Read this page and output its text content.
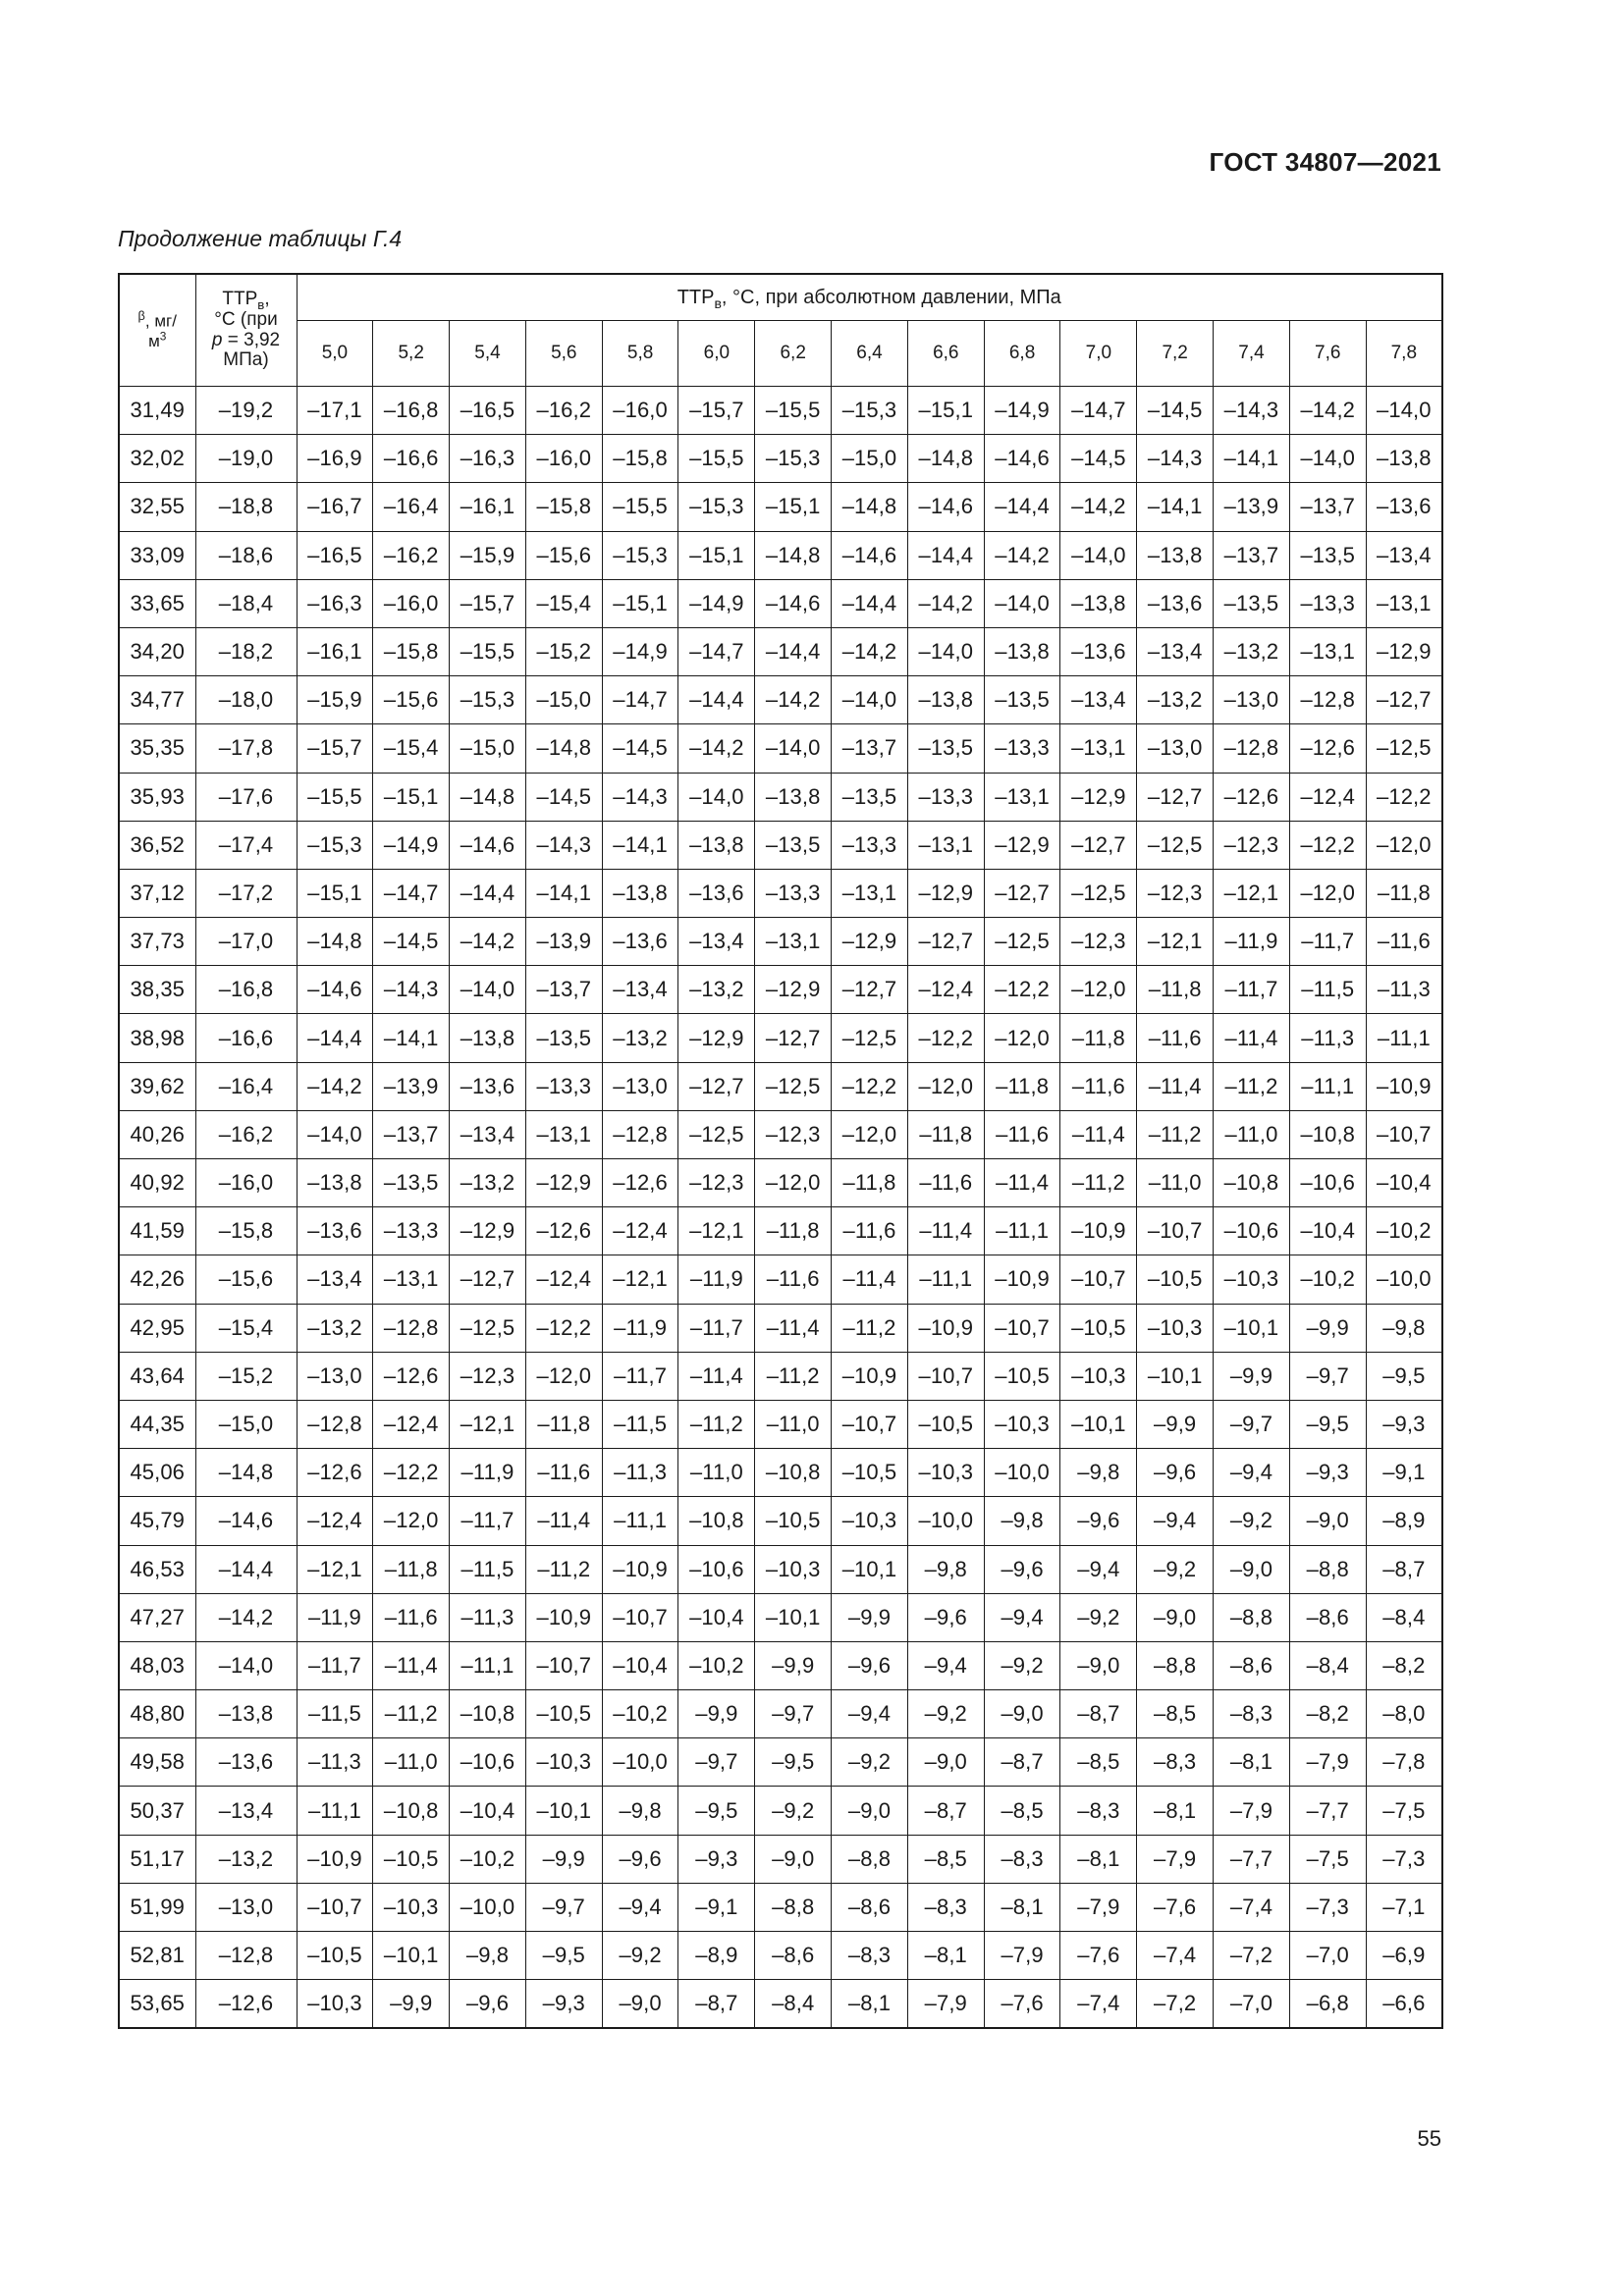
ГОСТ 34807—2021
Продолжение таблицы Г.4
$^\beta$, мг/
$м^3$	$ТТР_в$,
°С (при
р = 3,92
МПа)	$ТТР_в$, °С, при абсолютном давлении, МПа														
		5,0	5,2	5,4	5,6	5,8	6,0	6,2	6,4	6,6	6,8	7,0	7,2	7,4	7,6	7,8
31,49	–19,2	–17,1	–16,8	–16,5	–16,2	–16,0	–15,7	–15,5	–15,3	–15,1	–14,9	–14,7	–14,5	–14,3	–14,2	–14,0
32,02	–19,0	–16,9	–16,6	–16,3	–16,0	–15,8	–15,5	–15,3	–15,0	–14,8	–14,6	–14,5	–14,3	–14,1	–14,0	–13,8
32,55	–18,8	–16,7	–16,4	–16,1	–15,8	–15,5	–15,3	–15,1	–14,8	–14,6	–14,4	–14,2	–14,1	–13,9	–13,7	–13,6
33,09	–18,6	–16,5	–16,2	–15,9	–15,6	–15,3	–15,1	–14,8	–14,6	–14,4	–14,2	–14,0	–13,8	–13,7	–13,5	–13,4
33,65	–18,4	–16,3	–16,0	–15,7	–15,4	–15,1	–14,9	–14,6	–14,4	–14,2	–14,0	–13,8	–13,6	–13,5	–13,3	–13,1
34,20	–18,2	–16,1	–15,8	–15,5	–15,2	–14,9	–14,7	–14,4	–14,2	–14,0	–13,8	–13,6	–13,4	–13,2	–13,1	–12,9
34,77	–18,0	–15,9	–15,6	–15,3	–15,0	–14,7	–14,4	–14,2	–14,0	–13,8	–13,5	–13,4	–13,2	–13,0	–12,8	–12,7
35,35	–17,8	–15,7	–15,4	–15,0	–14,8	–14,5	–14,2	–14,0	–13,7	–13,5	–13,3	–13,1	–13,0	–12,8	–12,6	–12,5
35,93	–17,6	–15,5	–15,1	–14,8	–14,5	–14,3	–14,0	–13,8	–13,5	–13,3	–13,1	–12,9	–12,7	–12,6	–12,4	–12,2
36,52	–17,4	–15,3	–14,9	–14,6	–14,3	–14,1	–13,8	–13,5	–13,3	–13,1	–12,9	–12,7	–12,5	–12,3	–12,2	–12,0
37,12	–17,2	–15,1	–14,7	–14,4	–14,1	–13,8	–13,6	–13,3	–13,1	–12,9	–12,7	–12,5	–12,3	–12,1	–12,0	–11,8
37,73	–17,0	–14,8	–14,5	–14,2	–13,9	–13,6	–13,4	–13,1	–12,9	–12,7	–12,5	–12,3	–12,1	–11,9	–11,7	–11,6
38,35	–16,8	–14,6	–14,3	–14,0	–13,7	–13,4	–13,2	–12,9	–12,7	–12,4	–12,2	–12,0	–11,8	–11,7	–11,5	–11,3
38,98	–16,6	–14,4	–14,1	–13,8	–13,5	–13,2	–12,9	–12,7	–12,5	–12,2	–12,0	–11,8	–11,6	–11,4	–11,3	–11,1
39,62	–16,4	–14,2	–13,9	–13,6	–13,3	–13,0	–12,7	–12,5	–12,2	–12,0	–11,8	–11,6	–11,4	–11,2	–11,1	–10,9
40,26	–16,2	–14,0	–13,7	–13,4	–13,1	–12,8	–12,5	–12,3	–12,0	–11,8	–11,6	–11,4	–11,2	–11,0	–10,8	–10,7
40,92	–16,0	–13,8	–13,5	–13,2	–12,9	–12,6	–12,3	–12,0	–11,8	–11,6	–11,4	–11,2	–11,0	–10,8	–10,6	–10,4
41,59	–15,8	–13,6	–13,3	–12,9	–12,6	–12,4	–12,1	–11,8	–11,6	–11,4	–11,1	–10,9	–10,7	–10,6	–10,4	–10,2
42,26	–15,6	–13,4	–13,1	–12,7	–12,4	–12,1	–11,9	–11,6	–11,4	–11,1	–10,9	–10,7	–10,5	–10,3	–10,2	–10,0
42,95	–15,4	–13,2	–12,8	–12,5	–12,2	–11,9	–11,7	–11,4	–11,2	–10,9	–10,7	–10,5	–10,3	–10,1	–9,9	–9,8
43,64	–15,2	–13,0	–12,6	–12,3	–12,0	–11,7	–11,4	–11,2	–10,9	–10,7	–10,5	–10,3	–10,1	–9,9	–9,7	–9,5
44,35	–15,0	–12,8	–12,4	–12,1	–11,8	–11,5	–11,2	–11,0	–10,7	–10,5	–10,3	–10,1	–9,9	–9,7	–9,5	–9,3
45,06	–14,8	–12,6	–12,2	–11,9	–11,6	–11,3	–11,0	–10,8	–10,5	–10,3	–10,0	–9,8	–9,6	–9,4	–9,3	–9,1
45,79	–14,6	–12,4	–12,0	–11,7	–11,4	–11,1	–10,8	–10,5	–10,3	–10,0	–9,8	–9,6	–9,4	–9,2	–9,0	–8,9
46,53	–14,4	–12,1	–11,8	–11,5	–11,2	–10,9	–10,6	–10,3	–10,1	–9,8	–9,6	–9,4	–9,2	–9,0	–8,8	–8,7
47,27	–14,2	–11,9	–11,6	–11,3	–10,9	–10,7	–10,4	–10,1	–9,9	–9,6	–9,4	–9,2	–9,0	–8,8	–8,6	–8,4
48,03	–14,0	–11,7	–11,4	–11,1	–10,7	–10,4	–10,2	–9,9	–9,6	–9,4	–9,2	–9,0	–8,8	–8,6	–8,4	–8,2
48,80	–13,8	–11,5	–11,2	–10,8	–10,5	–10,2	–9,9	–9,7	–9,4	–9,2	–9,0	–8,7	–8,5	–8,3	–8,2	–8,0
49,58	–13,6	–11,3	–11,0	–10,6	–10,3	–10,0	–9,7	–9,5	–9,2	–9,0	–8,7	–8,5	–8,3	–8,1	–7,9	–7,8
50,37	–13,4	–11,1	–10,8	–10,4	–10,1	–9,8	–9,5	–9,2	–9,0	–8,7	–8,5	–8,3	–8,1	–7,9	–7,7	–7,5
51,17	–13,2	–10,9	–10,5	–10,2	–9,9	–9,6	–9,3	–9,0	–8,8	–8,5	–8,3	–8,1	–7,9	–7,7	–7,5	–7,3
51,99	–13,0	–10,7	–10,3	–10,0	–9,7	–9,4	–9,1	–8,8	–8,6	–8,3	–8,1	–7,9	–7,6	–7,4	–7,3	–7,1
52,81	–12,8	–10,5	–10,1	–9,8	–9,5	–9,2	–8,9	–8,6	–8,3	–8,1	–7,9	–7,6	–7,4	–7,2	–7,0	–6,9
53,65	–12,6	–10,3	–9,9	–9,6	–9,3	–9,0	–8,7	–8,4	–8,1	–7,9	–7,6	–7,4	–7,2	–7,0	–6,8	–6,6
55
